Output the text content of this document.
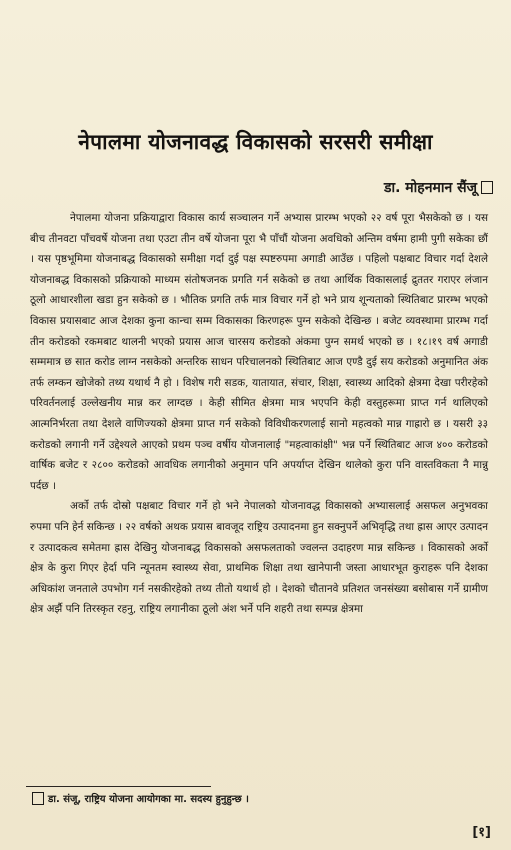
नेपालमा योजनावद्ध विकासको सरसरी समीक्षा
डा. मोहनमान सैंजू

नेपालमा योजना प्रक्रियाद्वारा विकास कार्य सञ्चालन गर्ने अभ्यास प्रारम्भ भएको २२ वर्ष पूरा भैसकेको छ । यस बीच तीनवटा पाँचवर्षे योजना तथा एउटा तीन वर्षे योजना पूरा भै पाँचौं योजना अवधिको अन्तिम वर्षमा हामी पुगी सकेका छौं । यस पृष्ठभूमिमा योजनाबद्ध विकासको समीक्षा गर्दा दुई पक्ष स्पष्टरुपमा अगाडी आउँछ । पहिलो पक्षबाट विचार गर्दा देशले योजनाबद्ध विकासको प्रक्रियाको माध्यम संतोषजनक प्रगति गर्न सकेको छ तथा आर्थिक विकासलाई द्रुततर गराएर लंजान ठूलो आधारशीला खडा हुन सकेको छ । भौतिक प्रगति तर्फ मात्र विचार गर्ने हो भने प्राय शून्यताको स्थितिबाट प्रारम्भ भएको विकास प्रयासबाट आज देशका कुना कान्चा सम्म विकासका किरणहरू पुग्न सकेको देखिन्छ । बजेट व्यवस्थामा प्रारम्भ गर्दा तीन करोडको रकमबाट थालनी भएको प्रयास आज चारसय करोडको अंकमा पुग्न समर्थ भएको छ । १८।१९ वर्ष अगाडी सम्ममात्र छ सात करोड लाग्न नसकेको अन्तरिक साधन परिचालनको स्थितिबाट आज एण्डै दुई सय करोडको अनुमानित अंक तर्फ लम्कन खोजेको तथ्य यथार्थ नै हो । विशेष गरी सडक, यातायात, संचार, शिक्षा, स्वास्थ्य आदिको क्षेत्रमा देखा परीरहेको परिवर्तनलाई उल्लेखनीय मान्न कर लाग्दछ । केही सीमित क्षेत्रमा मात्र भएपनि केही वस्तुहरूमा प्राप्त गर्न थालिएको आत्मनिर्भरता तथा देशले वाणिज्यको क्षेत्रमा प्राप्त गर्न सकेको विविधीकरणलाई सानो महत्वको मान्न गाह्रारो छ । यसरी ३३ करोडको लगानी गर्ने उद्देश्यले आएको प्रथम पञ्च वर्षीय योजनालाई "महत्वाकांक्षी" भन्न पर्ने स्थितिबाट आज ४०० करोडको वार्षिक बजेट र २८०० करोडको आवधिक लगानीको अनुमान पनि अपर्याप्त देखिन थालेको कुरा पनि वास्तविकता नै मान्नु पर्दछ ।

अर्को तर्फ दोस्रो पक्षबाट विचार गर्ने हो भने नेपालको योजनावद्ध विकासको अभ्यासलाई असफल अनुभवका रुपमा पनि हेर्न सकिन्छ । २२ वर्षको अथक प्रयास बावजूद राष्ट्रिय उत्पादनमा हुन सक्नुपर्ने अभिवृद्धि तथा ह्रास आएर उत्पादन र उत्पादकत्व समेतमा ह्रास देखिनु योजनाबद्ध विकासको असफलताको ज्वलन्त उदाहरण मान्न सकिन्छ । विकासको अर्को क्षेत्र के कुरा गिएर हेर्दा पनि न्यूनतम स्वास्थ्य सेवा, प्राथमिक शिक्षा तथा खानेपानी जस्ता आधारभूत कुराहरू पनि देशका अधिकांश जनताले उपभोग गर्न नसकीरहेको तथ्य तीतो यथार्थ हो । देशको चौतानवे प्रतिशत जनसंख्या बसोबास गर्ने ग्रामीण क्षेत्र अर्झै पनि तिरस्कृत रहनु, राष्ट्रिय लगानीका ठूलो अंश भर्ने पनि शहरी तथा सम्पन्न क्षेत्रमा

डा. संजू, राष्ट्रिय योजना आयोगका मा. सदस्य हुनुहुन्छ ।
[१]
